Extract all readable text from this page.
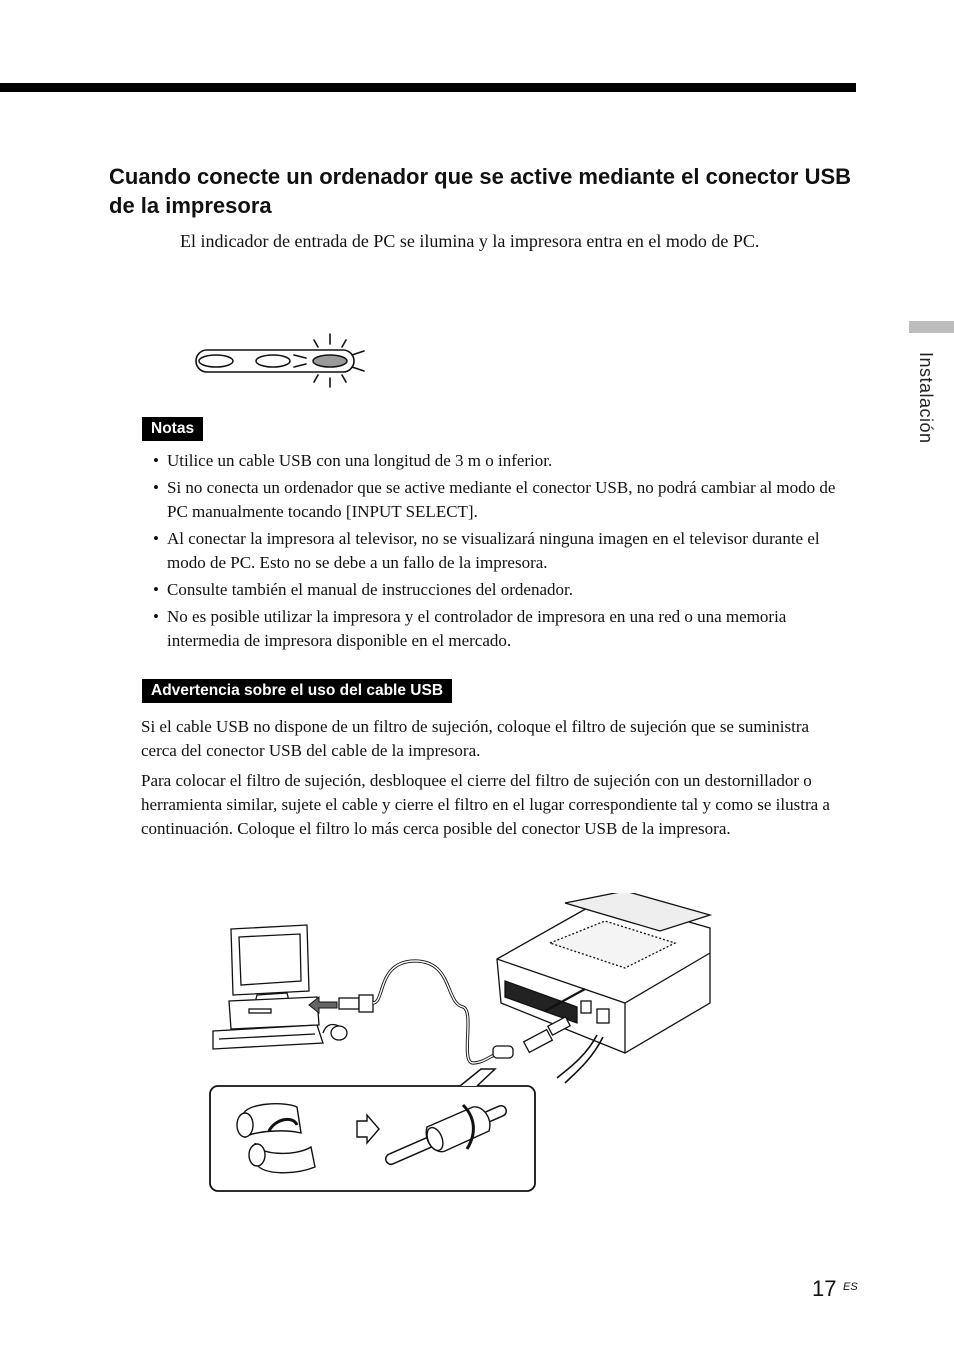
Instalación
Cuando conecte un ordenador que se active mediante el conector USB de la impresora

El indicador de entrada de PC se ilumina y la impresora entra en el modo de PC.

Notas
• Utilice un cable USB con una longitud de 3 m o inferior.
• Si no conecta un ordenador que se active mediante el conector USB, no podrá cambiar al modo de PC manualmente tocando [INPUT SELECT].
• Al conectar la impresora al televisor, no se visualizará ninguna imagen en el televisor durante el modo de PC. Esto no se debe a un fallo de la impresora.
• Consulte también el manual de instrucciones del ordenador.
• No es posible utilizar la impresora y el controlador de impresora en una red o una memoria intermedia de impresora disponible en el mercado.
Advertencia sobre el uso del cable USB

Si el cable USB no dispone de un filtro de sujeción, coloque el filtro de sujeción que se suministra cerca del conector USB del cable de la impresora.

Para colocar el filtro de sujeción, desbloquee el cierre del filtro de sujeción con un destornillador o herramienta similar, sujete el cable y cierre el filtro en el lugar correspondiente tal y como se ilustra a continuación. Coloque el filtro lo más cerca posible del conector USB de la impresora.

17 ES
